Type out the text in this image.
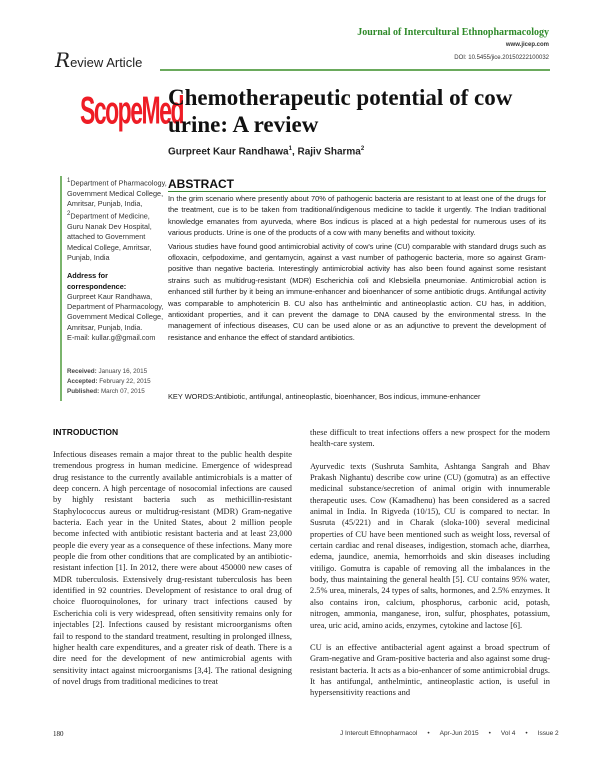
Journal of Intercultural Ethnopharmacology
www.jicep.com
DOI: 10.5455/jice.20150222100032
Review Article
ScopeMed
Chemotherapeutic potential of cow urine: A review
Gurpreet Kaur Randhawa$^1$, Rajiv Sharma$^2$
$^1$Department of Pharmacology, Government Medical College, Amritsar, Punjab, India, $^2$Department of Medicine, Guru Nanak Dev Hospital, attached to Government Medical College, Amritsar, Punjab, India
Address for correspondence:
Gurpreet Kaur Randhawa, Department of Pharmacology, Government Medical College, Amritsar, Punjab, India.
E-mail: kullar.g@gmail.com
Received: January 16, 2015
Accepted: February 22, 2015
Published: March 07, 2015
ABSTRACT

In the grim scenario where presently about 70% of pathogenic bacteria are resistant to at least one of the drugs for the treatment, cue is to be taken from traditional/indigenous medicine to tackle it urgently. The Indian traditional knowledge emanates from ayurveda, where Bos indicus is placed at a high pedestal for numerous uses of its various products. Urine is one of the products of a cow with many benefits and without toxicity.

Various studies have found good antimicrobial activity of cow's urine (CU) comparable with standard drugs such as ofloxacin, cefpodoxime, and gentamycin, against a vast number of pathogenic bacteria, more so against Gram-positive than negative bacteria. Interestingly antimicrobial activity has also been found against some resistant strains such as multidrug-resistant (MDR) Escherichia coli and Klebsiella pneumoniae. Antimicrobial action is enhanced still further by it being an immune-enhancer and bioenhancer of some antibiotic drugs. Antifungal activity was comparable to amphotericin B. CU also has anthelmintic and antineoplastic action. CU has, in addition, antioxidant properties, and it can prevent the damage to DNA caused by the environmental stress. In the management of infectious diseases, CU can be used alone or as an adjunctive to prevent the development of resistance and enhance the effect of standard antibiotics.

KEY WORDS:Antibiotic, antifungal, antineoplastic, bioenhancer, Bos indicus, immune-enhancer
INTRODUCTION

Infectious diseases remain a major threat to the public health despite tremendous progress in human medicine. Emergence of widespread drug resistance to the currently available antimicrobials is a matter of deep concern. A high percentage of nosocomial infections are caused by highly resistant bacteria such as methicillin-resistant Staphylococcus aureus or multidrug-resistant (MDR) Gram-negative bacteria. Each year in the United States, about 2 million people become infected with antibiotic resistant bacteria and at least 23,000 people die every year as a consequence of these infections. Many more people die from other conditions that are complicated by an antibiotic-resistant infection [1]. In 2012, there were about 450000 new cases of MDR tuberculosis. Extensively drug-resistant tuberculosis has been identified in 92 countries. Development of resistance to oral drug of choice fluoroquinolones, for urinary tract infections caused by Escherichia coli is very widespread, often sensitivity remains only for injectables [2]. Infections caused by resistant microorganisms often fail to respond to the standard treatment, resulting in prolonged illness, higher health care expenditures, and a greater risk of death. There is a dire need for the development of new antimicrobial agents with sensitivity intact against microorganisms [3,4]. The rational designing of novel drugs from traditional medicines to treat

these difficult to treat infections offers a new prospect for the modern health-care system.

Ayurvedic texts (Sushruta Samhita, Ashtanga Sangrah and Bhav Prakash Nighantu) describe cow urine (CU) (gomutra) as an effective medicinal substance/secretion of animal origin with innumerable therapeutic uses. Cow (Kamadhenu) has been considered as a sacred animal in India. In Rigveda (10/15), CU is compared to nectar. In Susruta (45/221) and in Charak (sloka-100) several medicinal properties of CU have been mentioned such as weight loss, reversal of certain cardiac and renal diseases, indigestion, stomach ache, diarrhea, edema, jaundice, anemia, hemorrhoids and skin diseases including vitiligo. Gomutra is capable of removing all the imbalances in the body, thus maintaining the general health [5]. CU contains 95% water, 2.5% urea, minerals, 24 types of salts, hormones, and 2.5% enzymes. It also contains iron, calcium, phosphorus, carbonic acid, potash, nitrogen, ammonia, manganese, iron, sulfur, phosphates, potassium, urea, uric acid, amino acids, enzymes, cytokine and lactose [6].

CU is an effective antibacterial agent against a broad spectrum of Gram-negative and Gram-positive bacteria and also against some drug-resistant bacteria. It acts as a bio-enhancer of some antimicrobial drugs. It has antifungal, anthelmintic, antineoplastic action, is useful in hypersensitivity reactions and

180	J Intercult Ethnopharmacol • Apr-Jun 2015 • Vol 4 • Issue 2
